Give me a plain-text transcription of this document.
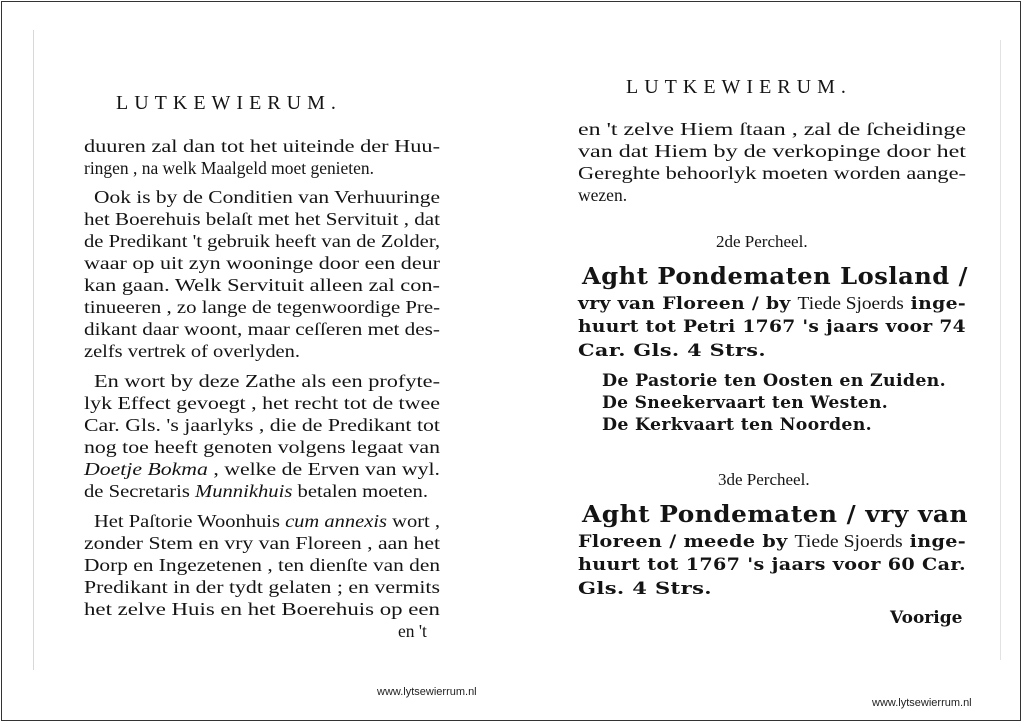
LUTKEWIERUM.
duuren zal dan tot het uiteinde der Huu-
ringen , na welk Maalgeld moet genieten.
Ook is by de Conditien van Verhuuringe
het Boerehuis belaſt met het Servituit , dat
de Predikant 't gebruik heeft van de Zolder,
waar op uit zyn wooninge door een deur
kan gaan. Welk Servituit alleen zal con-
tinueeren , zo lange de tegenwoordige Pre-
dikant daar woont, maar ceſſeren met des-
zelfs vertrek of overlyden.
En wort by deze Zathe als een profyte-
lyk Effect gevoegt , het recht tot de twee
Car. Gls. 's jaarlyks , die de Predikant tot
nog toe heeft genoten volgens legaat van
Doetje Bokma , welke de Erven van wyl.
de Secretaris Munnikhuis betalen moeten.
Het Paſtorie Woonhuis cum annexis wort ,
zonder Stem en vry van Floreen , aan het
Dorp en Ingezetenen , ten dienſte van den
Predikant in der tydt gelaten ; en vermits
het zelve Huis en het Boerehuis op een
en 't
LUTKEWIERUM.
en 't zelve Hiem ſtaan , zal de ſcheidinge
van dat Hiem by de verkopinge door het
Gereghte behoorlyk moeten worden aange-
wezen.
2de Percheel.
Aght Pondematen Losland /
vry van Floreen / by Tiede Sjoerds inge-
huurt tot Petri 1767 's jaars voor 74
Car. Gls. 4 Strs.
De Pastorie ten Oosten en Zuiden.
De Sneekervaart ten Westen.
De Kerkvaart ten Noorden.
3de Percheel.
Aght Pondematen / vry van
Floreen / meede by Tiede Sjoerds inge-
huurt tot 1767 's jaars voor 60 Car.
Gls. 4 Strs.
Voorige
www.lytsewierrum.nl
www.lytsewierrum.nl
